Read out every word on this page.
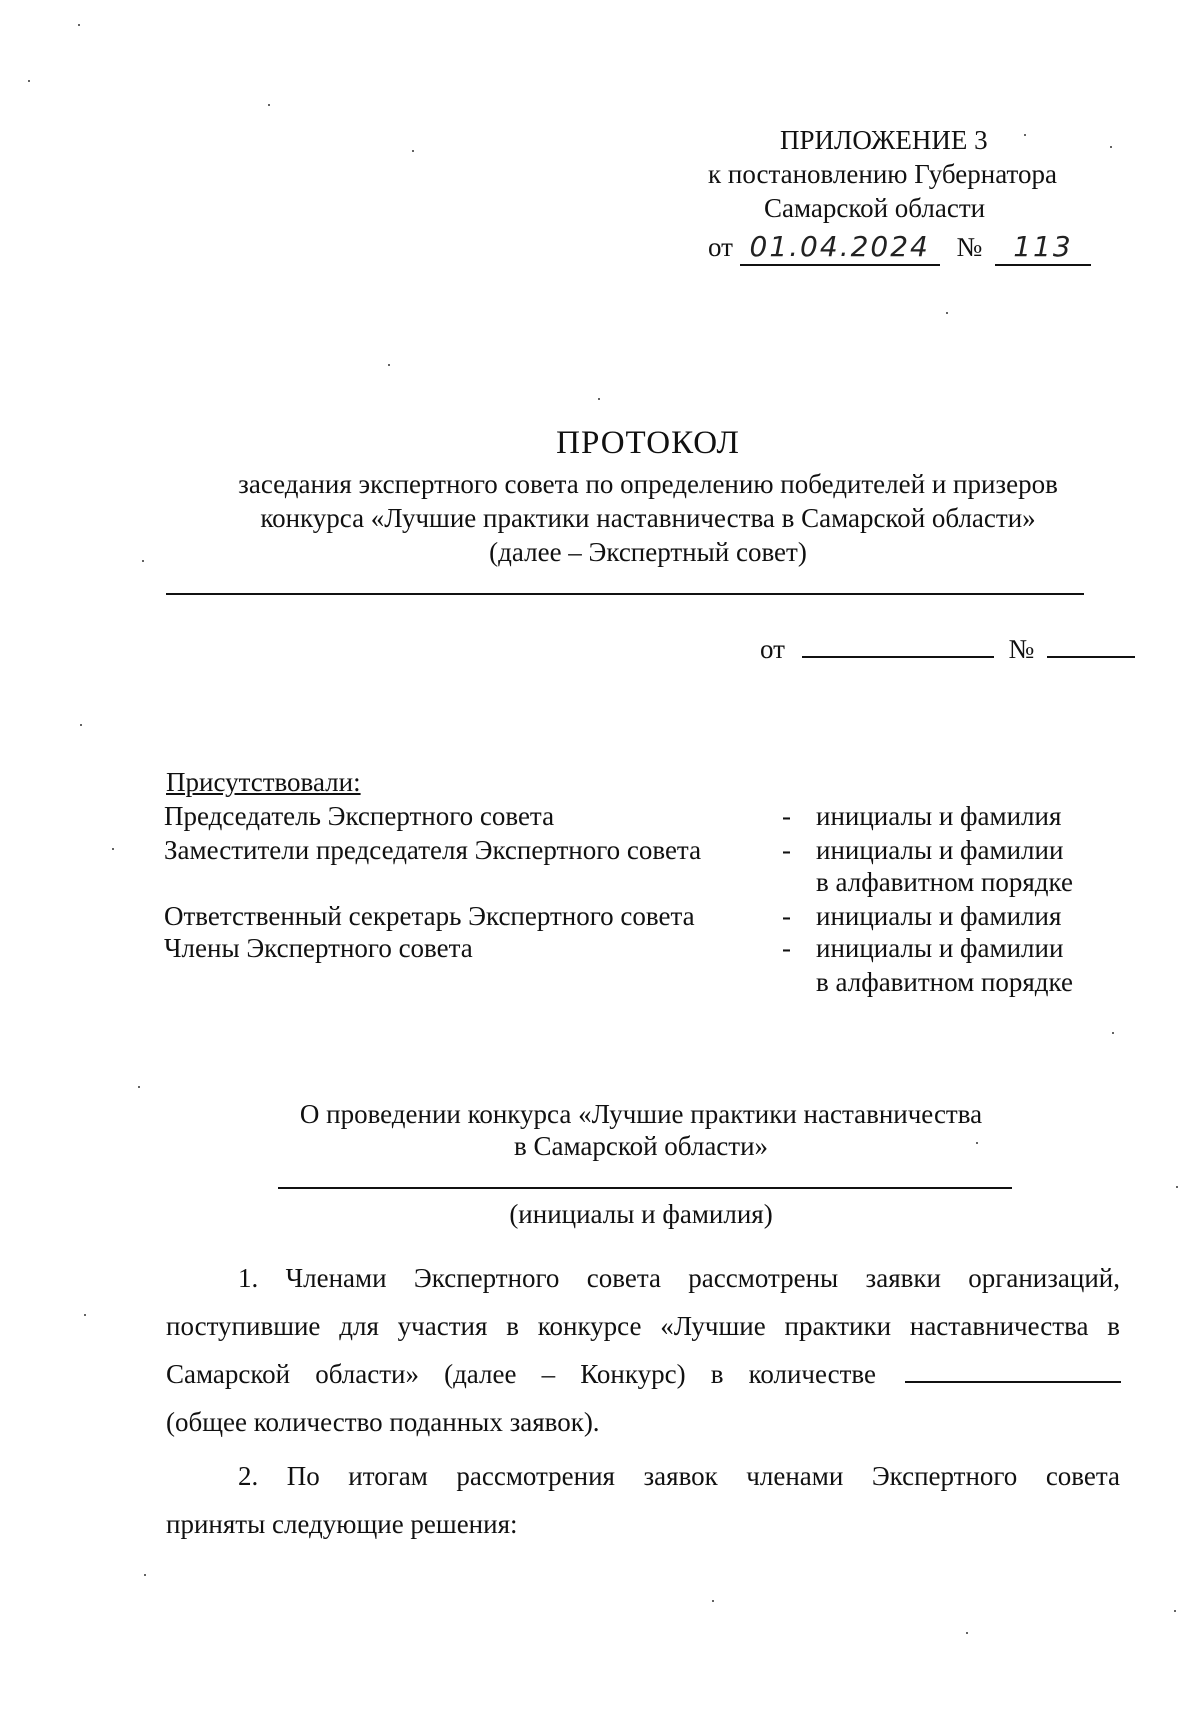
ПРИЛОЖЕНИЕ 3
к постановлению Губернатора
Самарской области
от 01.04.2024 № 113
ПРОТОКОЛ
заседания экспертного совета по определению победителей и призеров
конкурса «Лучшие практики наставничества в Самарской области»
(далее – Экспертный совет)
от	№
Присутствовали:
Председатель Экспертного совета	- инициалы и фамилия
Заместители председателя Экспертного совета	- инициалы и фамилии
в алфавитном порядке
Ответственный секретарь Экспертного совета	- инициалы и фамилия
Члены Экспертного совета	- инициалы и фамилии
в алфавитном порядке
О проведении конкурса «Лучшие практики наставничества
в Самарской области»
(инициалы и фамилия)
1. Членами Экспертного совета рассмотрены заявки организаций,
поступившие для участия в конкурсе «Лучшие практики наставничества в
Самарской области» (далее – Конкурс) в количестве
(общее количество поданных заявок).
2. По итогам рассмотрения заявок членами Экспертного совета
приняты следующие решения:
